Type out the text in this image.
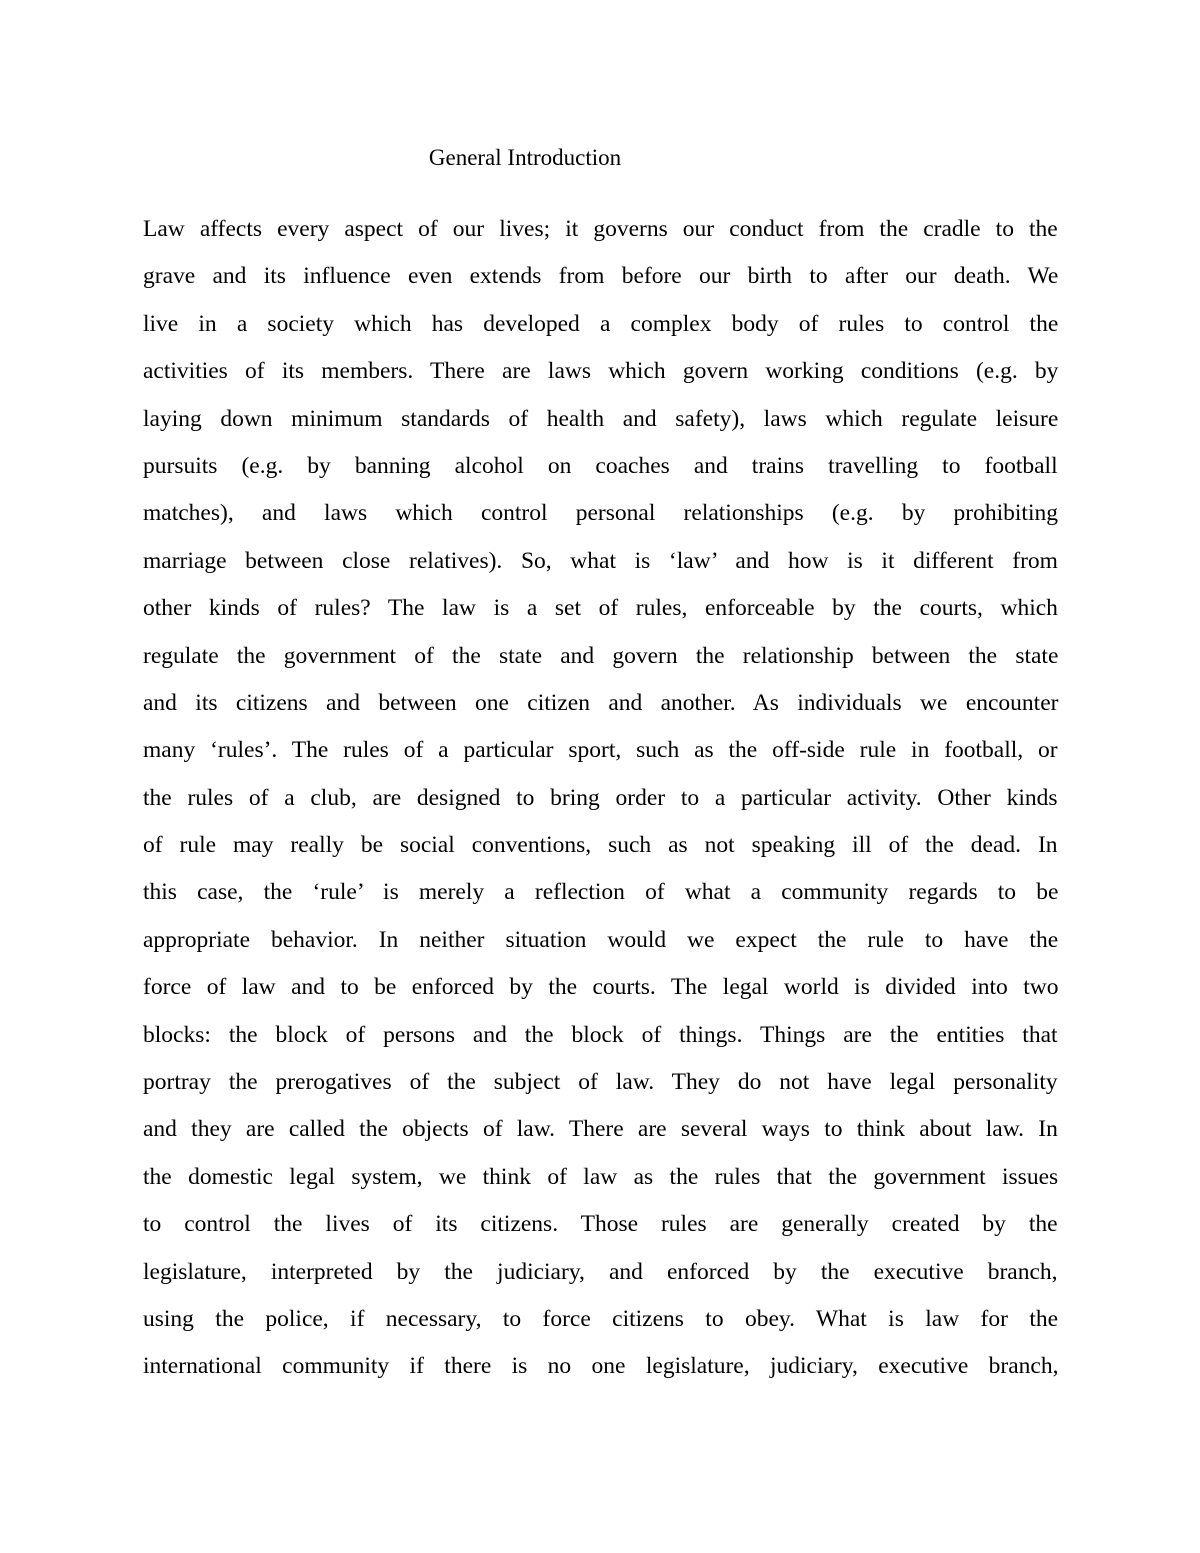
General Introduction
Law affects every aspect of our lives; it governs our conduct from the cradle to the
grave and its influence even extends from before our birth to after our death. We
live in a society which has developed a complex body of rules to control the
activities of its members. There are laws which govern working conditions (e.g. by
laying down minimum standards of health and safety), laws which regulate leisure
pursuits (e.g. by banning alcohol on coaches and trains travelling to football
matches), and laws which control personal relationships (e.g. by prohibiting
marriage between close relatives). So, what is ‘law’ and how is it different from
other kinds of rules? The law is a set of rules, enforceable by the courts, which
regulate the government of the state and govern the relationship between the state
and its citizens and between one citizen and another. As individuals we encounter
many ‘rules’. The rules of a particular sport, such as the off-side rule in football, or
the rules of a club, are designed to bring order to a particular activity. Other kinds
of rule may really be social conventions, such as not speaking ill of the dead. In
this case, the ‘rule’ is merely a reflection of what a community regards to be
appropriate behavior. In neither situation would we expect the rule to have the
force of law and to be enforced by the courts. The legal world is divided into two
blocks: the block of persons and the block of things. Things are the entities that
portray the prerogatives of the subject of law. They do not have legal personality
and they are called the objects of law. There are several ways to think about law. In
the domestic legal system, we think of law as the rules that the government issues
to control the lives of its citizens. Those rules are generally created by the
legislature, interpreted by the judiciary, and enforced by the executive branch,
using the police, if necessary, to force citizens to obey. What is law for the
international community if there is no one legislature, judiciary, executive branch,
